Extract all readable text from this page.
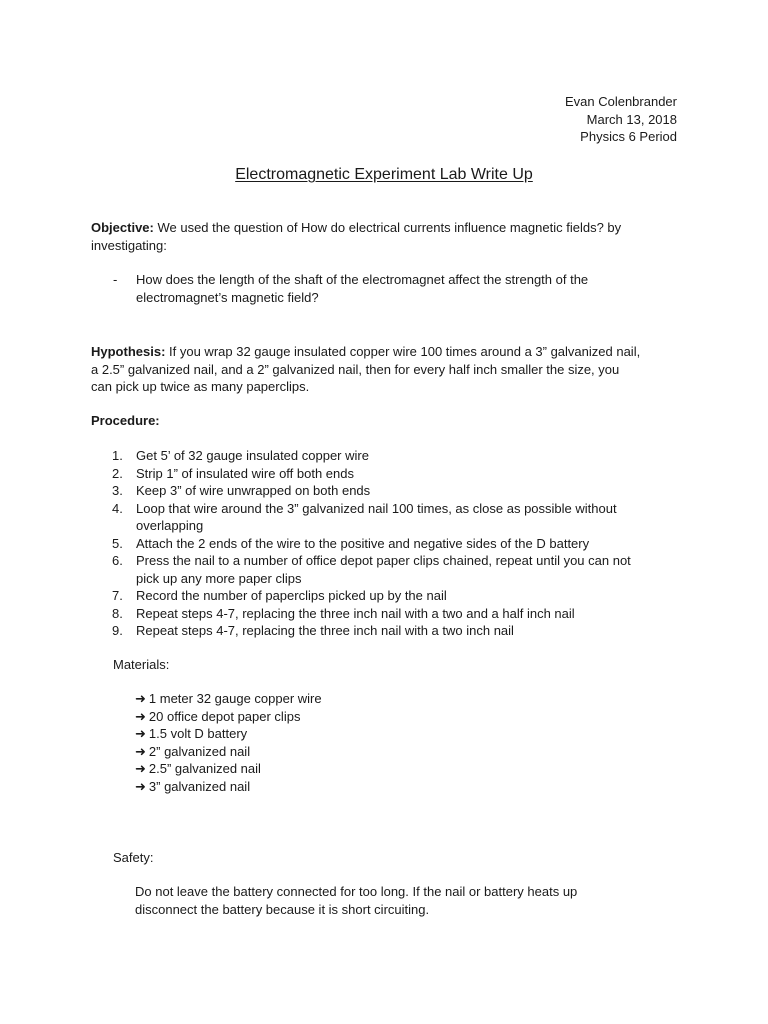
Evan Colenbrander
March 13, 2018
Physics 6 Period
Electromagnetic Experiment Lab Write Up
Objective: We used the question of How do electrical currents influence magnetic fields? by
investigating:
- How does the length of the shaft of the electromagnet affect the strength of the
electromagnet’s magnetic field?
Hypothesis: If you wrap 32 gauge insulated copper wire 100 times around a 3” galvanized nail,
a 2.5” galvanized nail, and a 2” galvanized nail, then for every half inch smaller the size, you
can pick up twice as many paperclips.
Procedure:
1. Get 5’ of 32 gauge insulated copper wire
2. Strip 1” of insulated wire off both ends
3. Keep 3” of wire unwrapped on both ends
4. Loop that wire around the 3” galvanized nail 100 times, as close as possible without
overlapping
5. Attach the 2 ends of the wire to the positive and negative sides of the D battery
6. Press the nail to a number of office depot paper clips chained, repeat until you can not
pick up any more paper clips
7. Record the number of paperclips picked up by the nail
8. Repeat steps 4-7, replacing the three inch nail with a two and a half inch nail
9. Repeat steps 4-7, replacing the three inch nail with a two inch nail
Materials:
➜ 1 meter 32 gauge copper wire
➜ 20 office depot paper clips
➜ 1.5 volt D battery
➜ 2” galvanized nail
➜ 2.5” galvanized nail
➜ 3” galvanized nail
Safety:
Do not leave the battery connected for too long. If the nail or battery heats up
disconnect the battery because it is short circuiting.
